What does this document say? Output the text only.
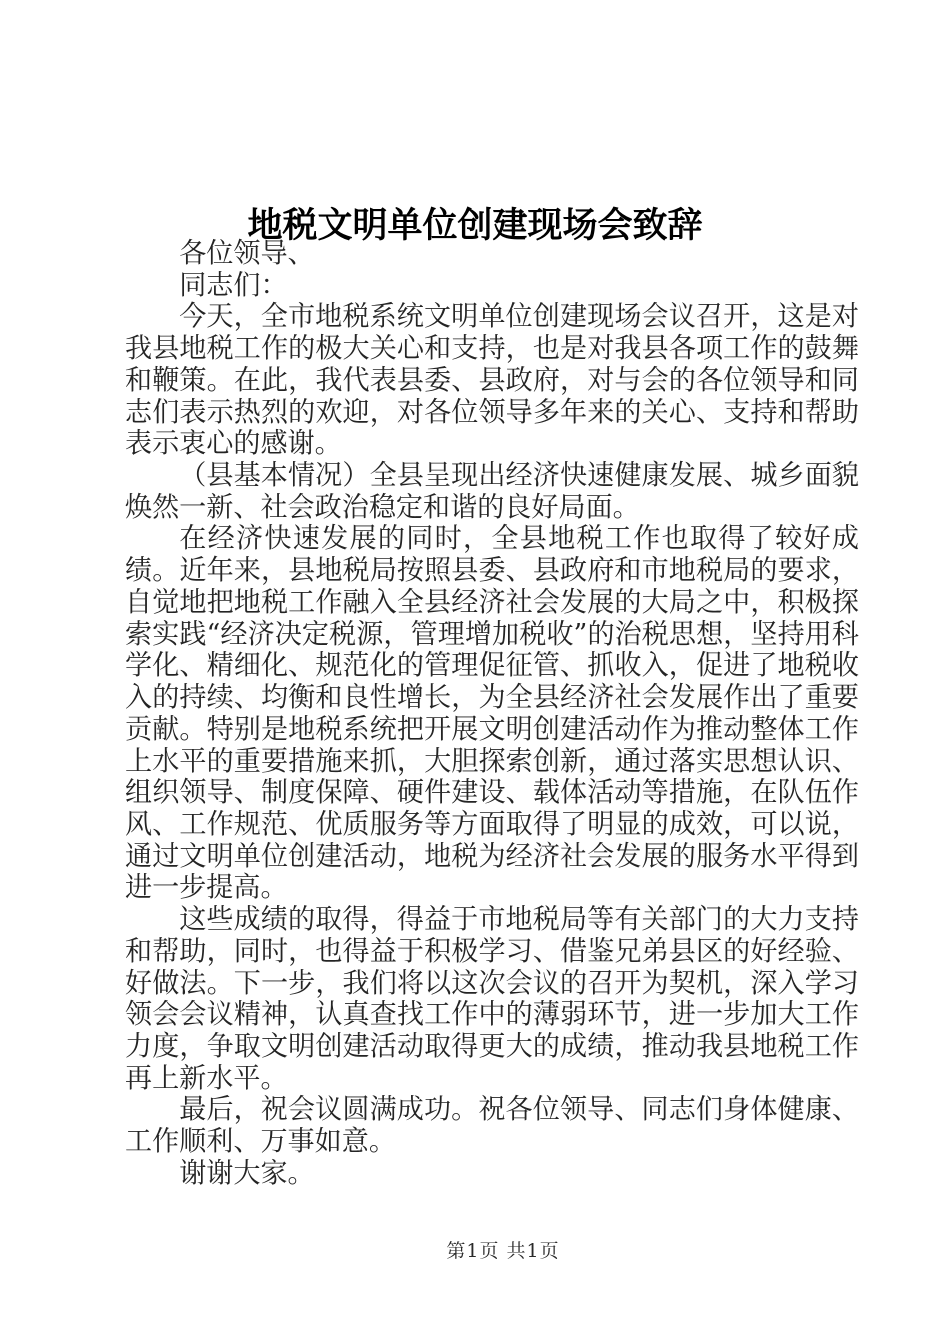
地税文明单位创建现场会致辞

各位领导、

同志们：

今天，全市地税系统文明单位创建现场会议召开，这是对我县地税工作的极大关心和支持，也是对我县各项工作的鼓舞和鞭策。在此，我代表县委、县政府，对与会的各位领导和同志们表示热烈的欢迎，对各位领导多年来的关心、支持和帮助表示衷心的感谢。

（县基本情况）全县呈现出经济快速健康发展、城乡面貌焕然一新、社会政治稳定和谐的良好局面。

在经济快速发展的同时，全县地税工作也取得了较好成绩。近年来，县地税局按照县委、县政府和市地税局的要求，自觉地把地税工作融入全县经济社会发展的大局之中，积极探索实践“经济决定税源，管理增加税收”的治税思想，坚持用科学化、精细化、规范化的管理促征管、抓收入，促进了地税收入的持续、均衡和良性增长，为全县经济社会发展作出了重要贡献。特别是地税系统把开展文明创建活动作为推动整体工作上水平的重要措施来抓，大胆探索创新，通过落实思想认识、组织领导、制度保障、硬件建设、载体活动等措施，在队伍作风、工作规范、优质服务等方面取得了明显的成效，可以说，通过文明单位创建活动，地税为经济社会发展的服务水平得到进一步提高。

这些成绩的取得，得益于市地税局等有关部门的大力支持和帮助，同时，也得益于积极学习、借鉴兄弟县区的好经验、好做法。下一步，我们将以这次会议的召开为契机，深入学习领会会议精神，认真查找工作中的薄弱环节，进一步加大工作力度，争取文明创建活动取得更大的成绩，推动我县地税工作再上新水平。

最后，祝会议圆满成功。祝各位领导、同志们身体健康、工作顺利、万事如意。

谢谢大家。

第1页 共1页
